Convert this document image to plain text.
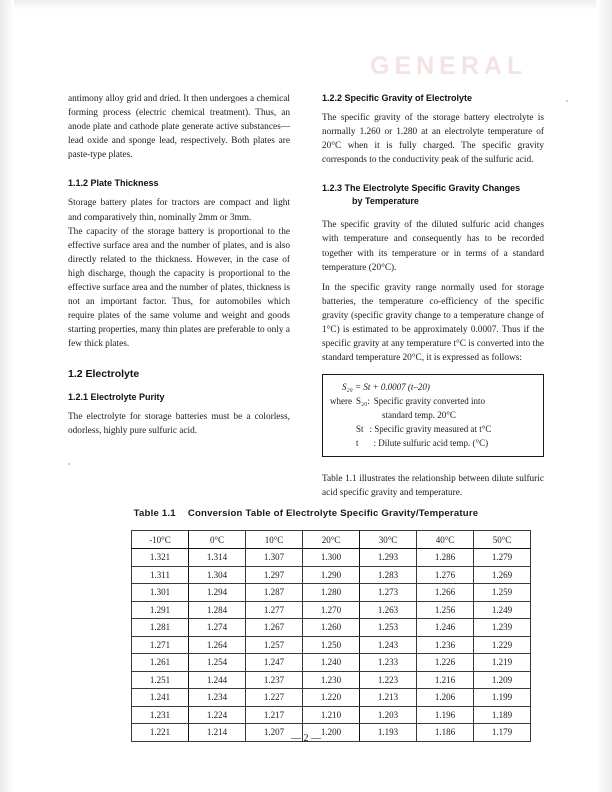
GENERAL

antimony alloy grid and dried. It then undergoes a chemical forming process (electric chemical treatment). Thus, an anode plate and cathode plate generate active substances—lead oxide and sponge lead, respectively. Both plates are paste-type plates.

1.1.2 Plate Thickness

Storage battery plates for tractors are compact and light and comparatively thin, nominally 2mm or 3mm.

The capacity of the storage battery is proportional to the effective surface area and the number of plates, and is also directly related to the thickness. However, in the case of high discharge, though the capacity is proportional to the effective surface area and the number of plates, thickness is not an important factor. Thus, for automobiles which require plates of the same volume and weight and goods starting properties, many thin plates are preferable to only a few thick plates.

1.2 Electrolyte
1.2.1 Electrolyte Purity

The electrolyte for storage batteries must be a colorless, odorless, highly pure sulfuric acid.

1.2.2 Specific Gravity of Electrolyte

The specific gravity of the storage battery electrolyte is normally 1.260 or 1.280 at an electrolyte temperature of 20°C when it is fully charged. The specific gravity corresponds to the conductivity peak of the sulfuric acid.

1.2.3 The Electrolyte Specific Gravity Changes
by Temperature

The specific gravity of the diluted sulfuric acid changes with temperature and consequently has to be recorded together with its temperature or in terms of a standard temperature (20°C).

In the specific gravity range normally used for storage batteries, the temperature co-efficiency of the specific gravity (specific gravity change to a temperature change of 1°C) is estimated to be approximately 0.0007. Thus if the specific gravity at any temperature t°C is converted into the standard temperature 20°C, it is expressed as follows:

S₂₀ = St + 0.0007 (t–20)
where S₂₀: Specific gravity converted into
standard temp. 20°C
St : Specific gravity measured at t°C
t	: Dilute sulfuric acid temp. (°C)

Table 1.1 illustrates the relationship between dilute sulfuric acid specific gravity and temperature.

Table 1.1 Conversion Table of Electrolyte Specific Gravity/Temperature
-10°C	0°C	10°C	20°C	30°C	40°C	50°C
1.321	1.314	1.307	1.300	1.293	1.286	1.279
1.311	1.304	1.297	1.290	1.283	1.276	1.269
1.301	1.294	1.287	1.280	1.273	1.266	1.259
1.291	1.284	1.277	1.270	1.263	1.256	1.249
1.281	1.274	1.267	1.260	1.253	1.246	1.239
1.271	1.264	1.257	1.250	1.243	1.236	1.229
1.261	1.254	1.247	1.240	1.233	1.226	1.219
1.251	1.244	1.237	1.230	1.223	1.216	1.209
1.241	1.234	1.227	1.220	1.213	1.206	1.199
1.231	1.224	1.217	1.210	1.203	1.196	1.189
1.221	1.214	1.207	1.200	1.193	1.186	1.179
— 2 —
